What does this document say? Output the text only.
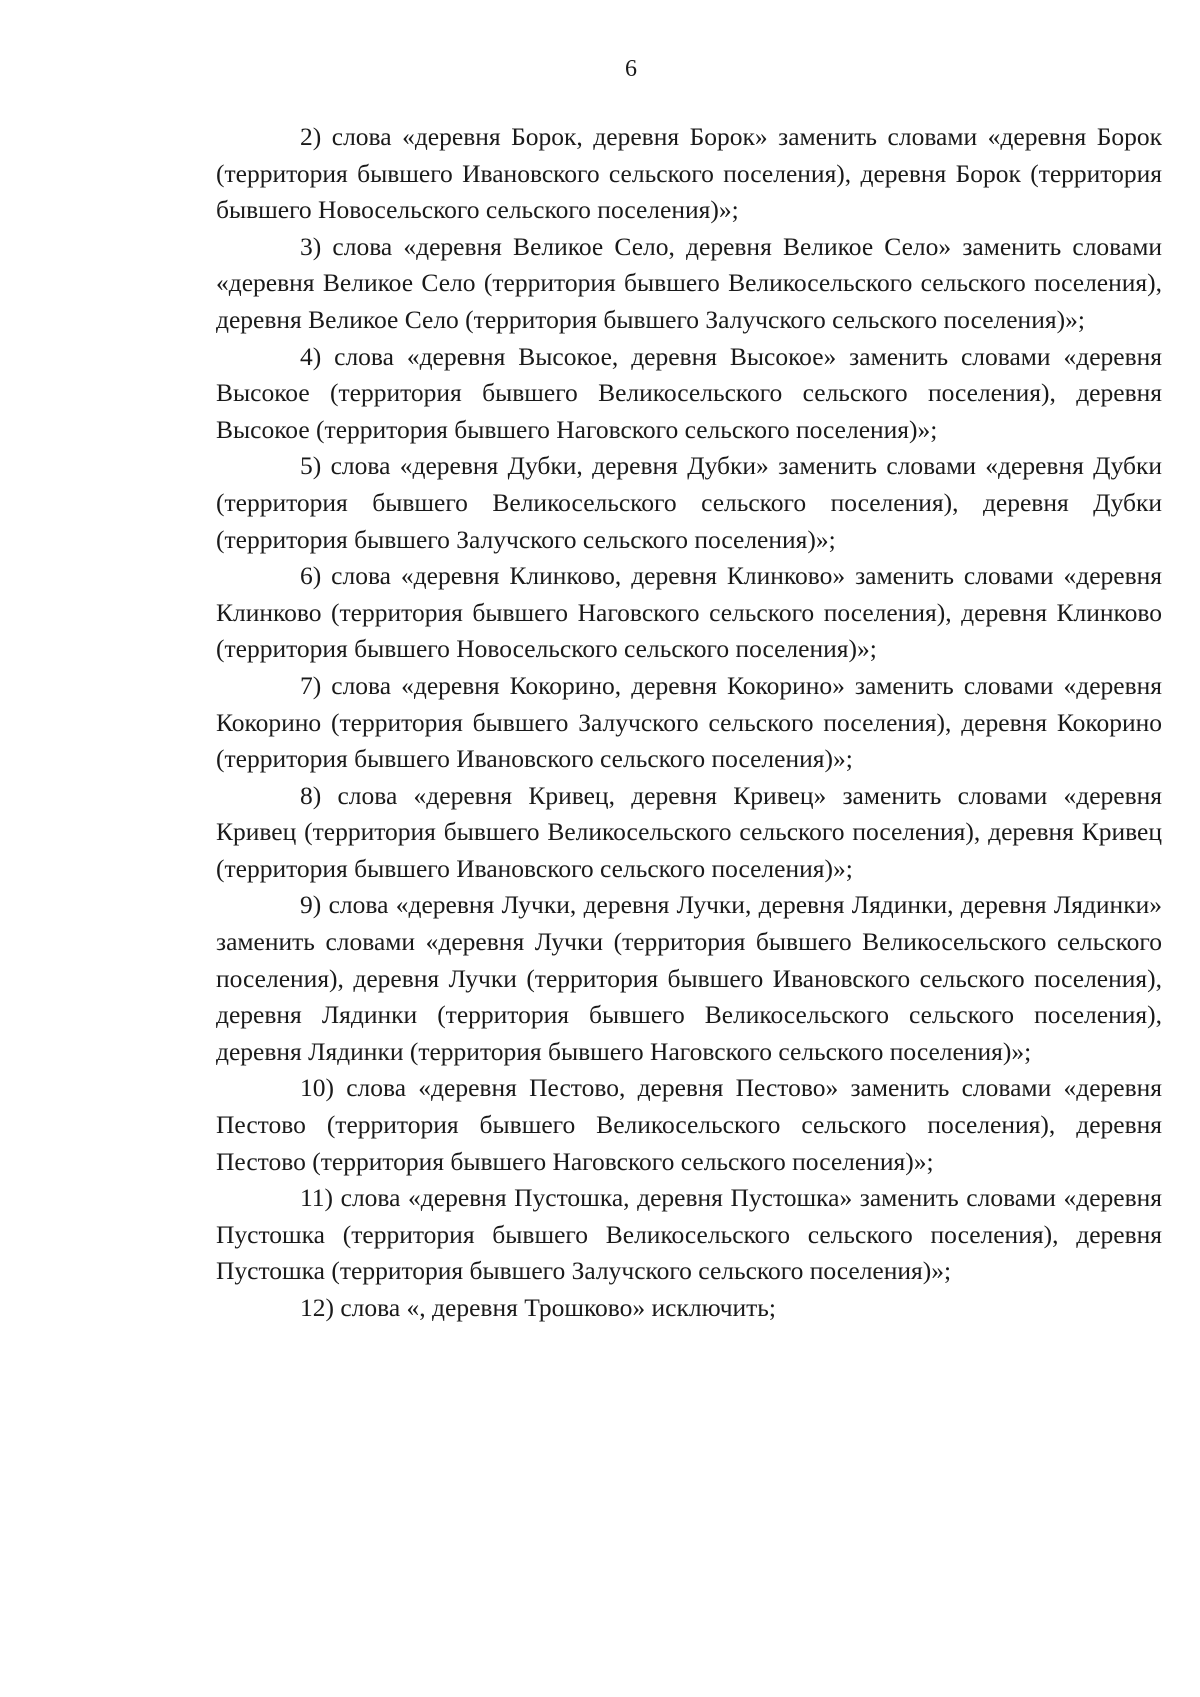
6

2) слова «деревня Борок, деревня Борок» заменить словами «деревня Борок (территория бывшего Ивановского сельского поселения), деревня Борок (территория бывшего Новосельского сельского поселения)»;

3) слова «деревня Великое Село, деревня Великое Село» заменить словами «деревня Великое Село (территория бывшего Великосельского сельского поселения), деревня Великое Село (территория бывшего Залучского сельского поселения)»;

4) слова «деревня Высокое, деревня Высокое» заменить словами «деревня Высокое (территория бывшего Великосельского сельского поселения), деревня Высокое (территория бывшего Наговского сельского поселения)»;

5) слова «деревня Дубки, деревня Дубки» заменить словами «деревня Дубки (территория бывшего Великосельского сельского поселения), деревня Дубки (территория бывшего Залучского сельского поселения)»;

6) слова «деревня Клинково, деревня Клинково» заменить словами «деревня Клинково (территория бывшего Наговского сельского поселения), деревня Клинково (территория бывшего Новосельского сельского поселения)»;

7) слова «деревня Кокорино, деревня Кокорино» заменить словами «деревня Кокорино (территория бывшего Залучского сельского поселения), деревня Кокорино (территория бывшего Ивановского сельского поселения)»;

8) слова «деревня Кривец, деревня Кривец» заменить словами «деревня Кривец (территория бывшего Великосельского сельского поселения), деревня Кривец (территория бывшего Ивановского сельского поселения)»;

9) слова «деревня Лучки, деревня Лучки, деревня Лядинки, деревня Лядинки» заменить словами «деревня Лучки (территория бывшего Великосельского сельского поселения), деревня Лучки (территория бывшего Ивановского сельского поселения), деревня Лядинки (территория бывшего Великосельского сельского поселения), деревня Лядинки (территория бывшего Наговского сельского поселения)»;

10) слова «деревня Пестово, деревня Пестово» заменить словами «деревня Пестово (территория бывшего Великосельского сельского поселения), деревня Пестово (территория бывшего Наговского сельского поселения)»;

11) слова «деревня Пустошка, деревня Пустошка» заменить словами «деревня Пустошка (территория бывшего Великосельского сельского поселения), деревня Пустошка (территория бывшего Залучского сельского поселения)»;

12) слова «, деревня Трошково» исключить;
